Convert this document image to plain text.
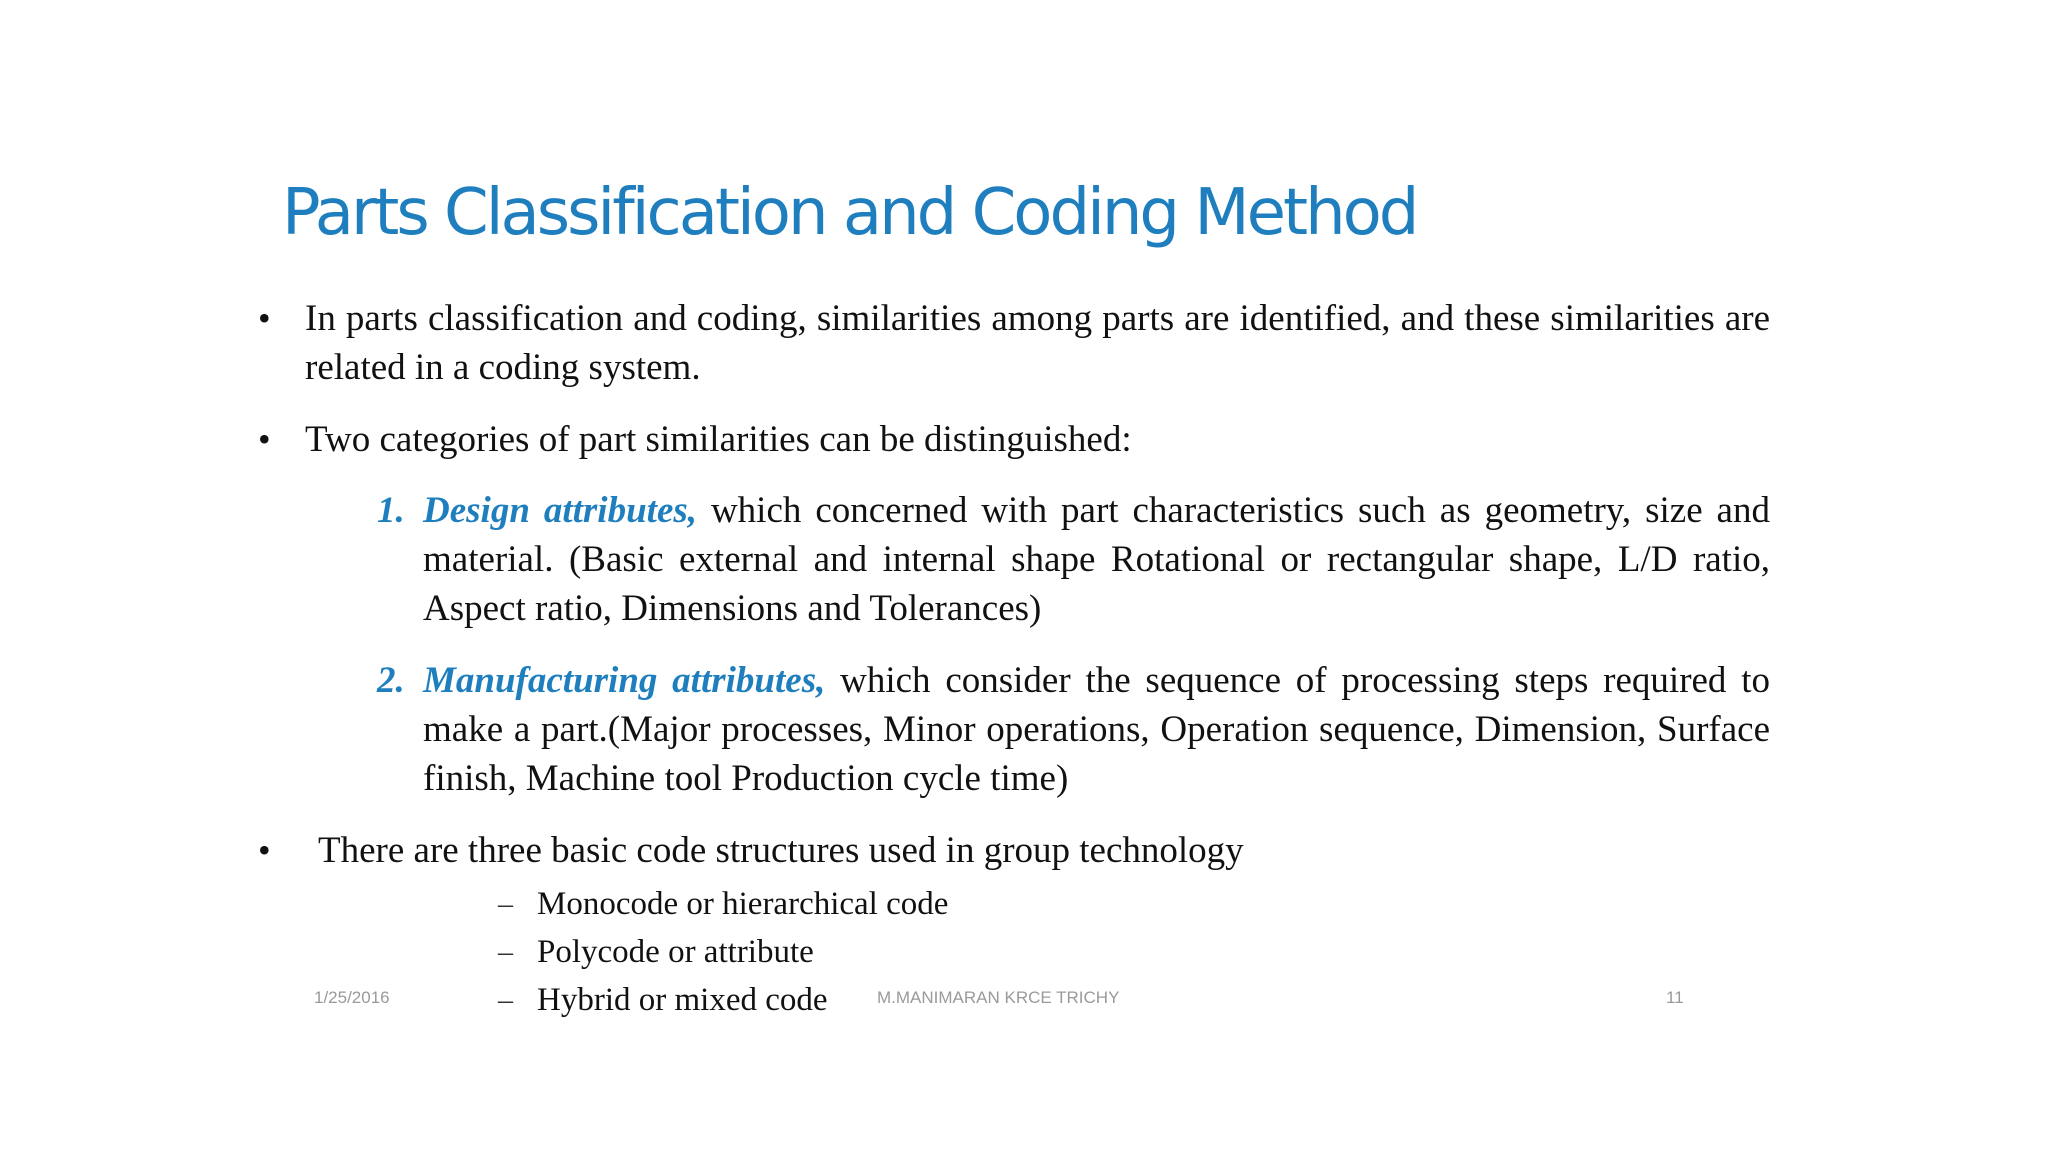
Parts Classification and Coding Method
• In parts classification and coding, similarities among parts are identified, and these similarities are related in a coding system.
• Two categories of part similarities can be distinguished:
1. Design attributes, which concerned with part characteristics such as geometry, size and material. (Basic external and internal shape Rotational or rectangular shape, L/D ratio, Aspect ratio, Dimensions and Tolerances)
2. Manufacturing attributes, which consider the sequence of processing steps required to make a part.(Major processes, Minor operations, Operation sequence, Dimension, Surface finish, Machine tool Production cycle time)
• There are three basic code structures used in group technology
– Monocode or hierarchical code
– Polycode or attribute
– Hybrid or mixed code
1/25/2016	M.MANIMARAN KRCE TRICHY	11
